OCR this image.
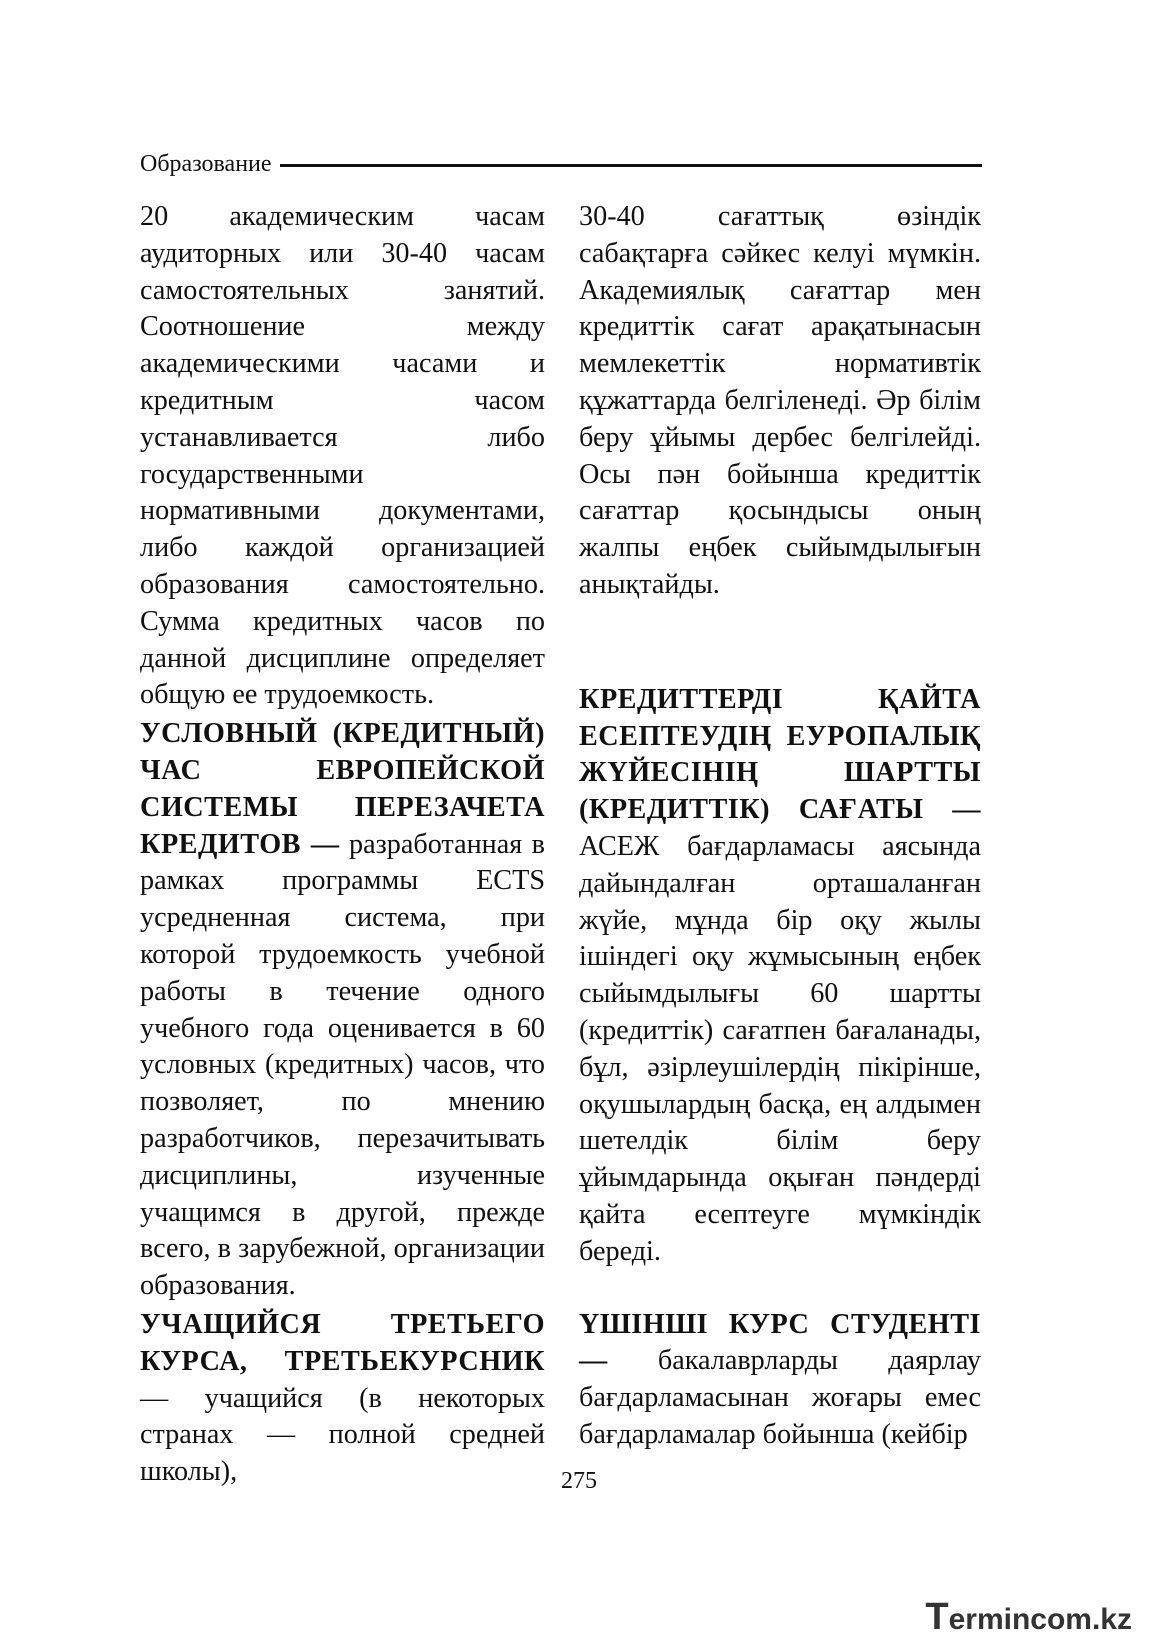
Образование

20 академическим часам аудиторных или 30-40 часам самостоятельных занятий. Соотношение между академическими часами и кредитным часом устанавливается либо государственными нормативными документами, либо каждой организацией образования самостоятельно. Сумма кредитных часов по данной дисциплине определяет общую ее трудоемкость.

УСЛОВНЫЙ (КРЕДИТНЫЙ) ЧАС ЕВРОПЕЙСКОЙ СИСТЕМЫ ПЕРЕЗАЧЕТА КРЕДИТОВ — разработанная в рамках программы ECTS усредненная система, при которой трудоемкость учебной работы в течение одного учебного года оценивается в 60 условных (кредитных) часов, что позволяет, по мнению разработчиков, перезачитывать дисциплины, изученные учащимся в другой, прежде всего, в зарубежной, организации образования.

УЧАЩИЙСЯ ТРЕТЬЕГО КУРСА, ТРЕТЬЕКУРСНИК — учащийся (в некоторых странах — полной средней школы),

30-40 сағаттық өзіндік сабақтарға сәйкес келуі мүмкін. Академиялық сағаттар мен кредиттік сағат арақатынасын мемлекеттік нормативтік құжаттарда белгіленеді. Әр білім беру ұйымы дербес белгілейді. Осы пән бойынша кредиттік сағаттар қосындысы оның жалпы еңбек сыйымдылығын анықтайды.

КРЕДИТТЕРДІ ҚАЙТА ЕСЕПТЕУДІҢ ЕУРОПАЛЫҚ ЖҮЙЕСІНІҢ ШАРТТЫ (КРЕДИТТІК) САҒАТЫ — АСЕЖ бағдарламасы аясында дайындалған орташаланған жүйе, мұнда бір оқу жылы ішіндегі оқу жұмысының еңбек сыйымдылығы 60 шартты (кредиттік) сағатпен бағаланады, бұл, әзірлеушілердің пікірінше, оқушылардың басқа, ең алдымен шетелдік білім беру ұйымдарында оқыған пәндерді қайта есептеуге мүмкіндік береді.

ҮШІНШІ КУРС СТУДЕНТІ — бакалаврларды даярлау бағдарламасынан жоғары емес бағдарламалар бойынша (кейбір

275
Termincom.kz
